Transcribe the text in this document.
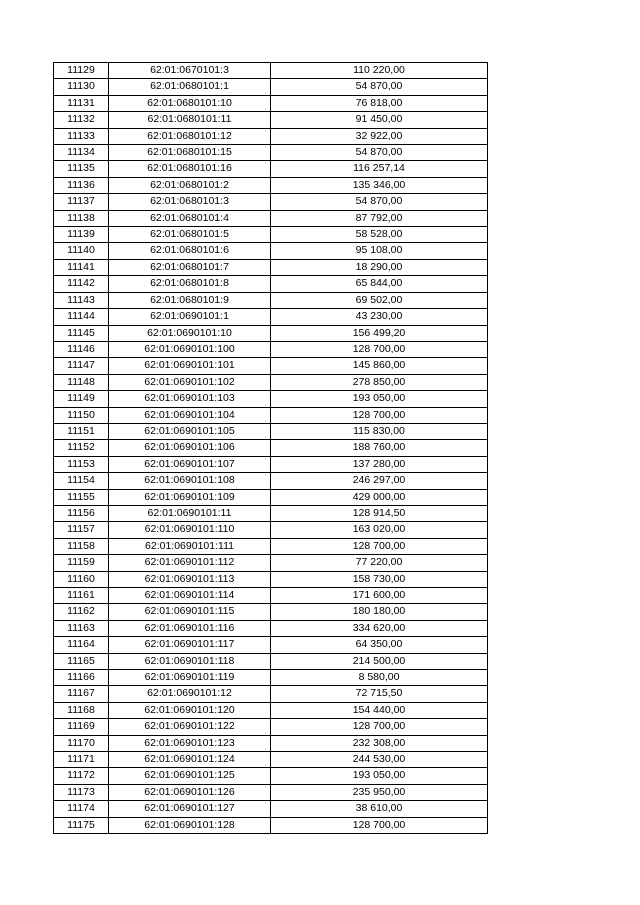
11129	62:01:0670101:3	110 220,00
11130	62:01:0680101:1	54 870,00
11131	62:01:0680101:10	76 818,00
11132	62:01:0680101:11	91 450,00
11133	62:01:0680101:12	32 922,00
11134	62:01:0680101:15	54 870,00
11135	62:01:0680101:16	116 257,14
11136	62:01:0680101:2	135 346,00
11137	62:01:0680101:3	54 870,00
11138	62:01:0680101:4	87 792,00
11139	62:01:0680101:5	58 528,00
11140	62:01:0680101:6	95 108,00
11141	62:01:0680101:7	18 290,00
11142	62:01:0680101:8	65 844,00
11143	62:01:0680101:9	69 502,00
11144	62:01:0690101:1	43 230,00
11145	62:01:0690101:10	156 499,20
11146	62:01:0690101:100	128 700,00
11147	62:01:0690101:101	145 860,00
11148	62:01:0690101:102	278 850,00
11149	62:01:0690101:103	193 050,00
11150	62:01:0690101:104	128 700,00
11151	62:01:0690101:105	115 830,00
11152	62:01:0690101:106	188 760,00
11153	62:01:0690101:107	137 280,00
11154	62:01:0690101:108	246 297,00
11155	62:01:0690101:109	429 000,00
11156	62:01:0690101:11	128 914,50
11157	62:01:0690101:110	163 020,00
11158	62:01:0690101:111	128 700,00
11159	62:01:0690101:112	77 220,00
11160	62:01:0690101:113	158 730,00
11161	62:01:0690101:114	171 600,00
11162	62:01:0690101:115	180 180,00
11163	62:01:0690101:116	334 620,00
11164	62:01:0690101:117	64 350,00
11165	62:01:0690101:118	214 500,00
11166	62:01:0690101:119	8 580,00
11167	62:01:0690101:12	72 715,50
11168	62:01:0690101:120	154 440,00
11169	62:01:0690101:122	128 700,00
11170	62:01:0690101:123	232 308,00
11171	62:01:0690101:124	244 530,00
11172	62:01:0690101:125	193 050,00
11173	62:01:0690101:126	235 950,00
11174	62:01:0690101:127	38 610,00
11175	62:01:0690101:128	128 700,00
